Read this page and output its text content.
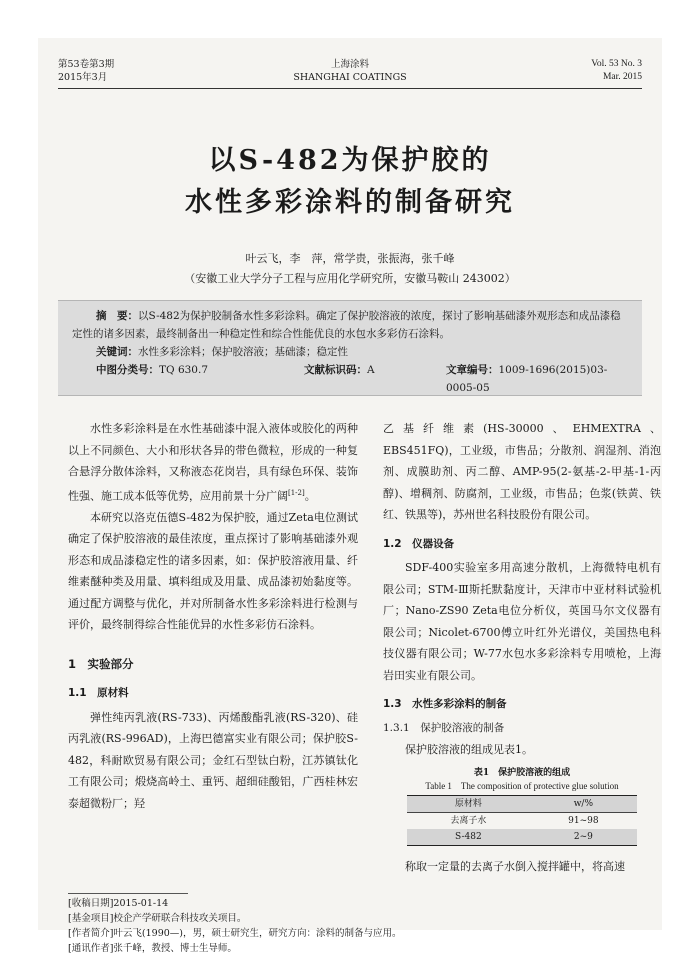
第53卷第3期
2015年3月
上海涂料
SHANGHAI COATINGS
Vol. 53 No. 3
Mar. 2015
以S-482为保护胶的
水性多彩涂料的制备研究
叶云飞，李　萍，常学贵，张振海，张千峰
（安徽工业大学分子工程与应用化学研究所，安徽马鞍山 243002）
摘　要：以S-482为保护胶制备水性多彩涂料。确定了保护胶溶液的浓度，探讨了影响基础漆外观形态和成品漆稳定性的诸多因素，最终制备出一种稳定性和综合性能优良的水包水多彩仿石涂料。
关键词：水性多彩涂料；保护胶溶液；基础漆；稳定性
中图分类号：TQ 630.7	文献标识码：A	文章编号：1009-1696(2015)03-0005-05

水性多彩涂料是在水性基础漆中混入液体或胶化的两种以上不同颜色、大小和形状各异的带色微粒，形成的一种复合悬浮分散体涂料，又称液态花岗岩，具有绿色环保、装饰性强、施工成本低等优势，应用前景十分广阔[1-2]。

本研究以洛克伍德S-482为保护胶，通过Zeta电位测试确定了保护胶溶液的最佳浓度，重点探讨了影响基础漆外观形态和成品漆稳定性的诸多因素，如：保护胶溶液用量、纤维素醚种类及用量、填料组成及用量、成品漆初始黏度等。通过配方调整与优化，并对所制备水性多彩涂料进行检测与评价，最终制得综合性能优异的水性多彩仿石涂料。

1　实验部分
1.1　原材料

弹性纯丙乳液(RS-733)、丙烯酸酯乳液(RS-320)、硅丙乳液(RS-996AD)，上海巴德富实业有限公司；保护胶S-482，科耐欧贸易有限公司；金红石型钛白粉，江苏镇钛化工有限公司；煅烧高岭土、重钙、超细硅酸铝，广西桂林宏泰超微粉厂；羟

乙基纤维素(HS-30000、EHMEXTRA、EBS451FQ)，工业级，市售品；分散剂、润湿剂、消泡剂、成膜助剂、丙二醇、AMP-95(2-氨基-2-甲基-1-丙醇)、增稠剂、防腐剂，工业级，市售品；色浆(铁黄、铁红、铁黑等)，苏州世名科技股份有限公司。

1.2　仪器设备

SDF-400实验室多用高速分散机，上海微特电机有限公司；STM-Ⅲ斯托默黏度计，天津市中亚材料试验机厂；Nano-ZS90 Zeta电位分析仪，英国马尔文仪器有限公司；Nicolet-6700傅立叶红外光谱仪，美国热电科技仪器有限公司；W-77水包水多彩涂料专用喷枪，上海岩田实业有限公司。

1.3　水性多彩涂料的制备
1.3.1　保护胶溶液的制备

保护胶溶液的组成见表1。

表1　保护胶溶液的组成
Table 1　The composition of protective glue solution
原材料	w/%
去离子水	91~98
S-482	2~9

称取一定量的去离子水倒入搅拌罐中，将高速

[收稿日期]2015-01-14
[基金项目]校企产学研联合科技攻关项目。
[作者简介]叶云飞(1990—)，男，硕士研究生，研究方向：涂料的制备与应用。
[通讯作者]张千峰，教授、博士生导师。
